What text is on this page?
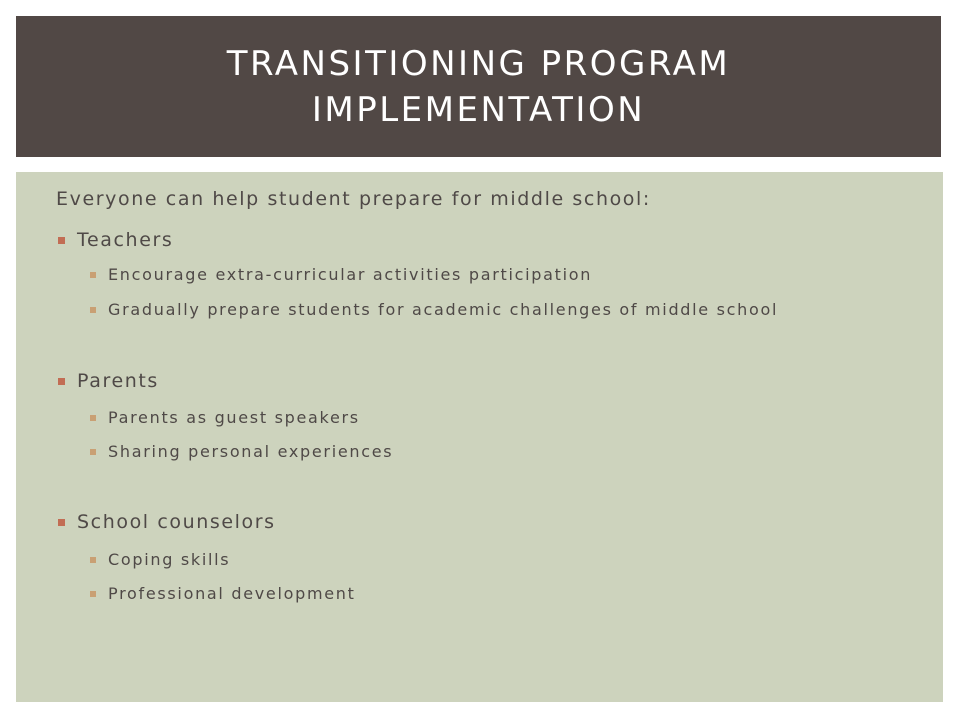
TRANSITIONING PROGRAM IMPLEMENTATION

Everyone can help student prepare for middle school:

Teachers
Encourage extra-curricular activities participation
Gradually prepare students for academic challenges of middle school
Parents
Parents as guest speakers
Sharing personal experiences
School counselors
Coping skills
Professional development
